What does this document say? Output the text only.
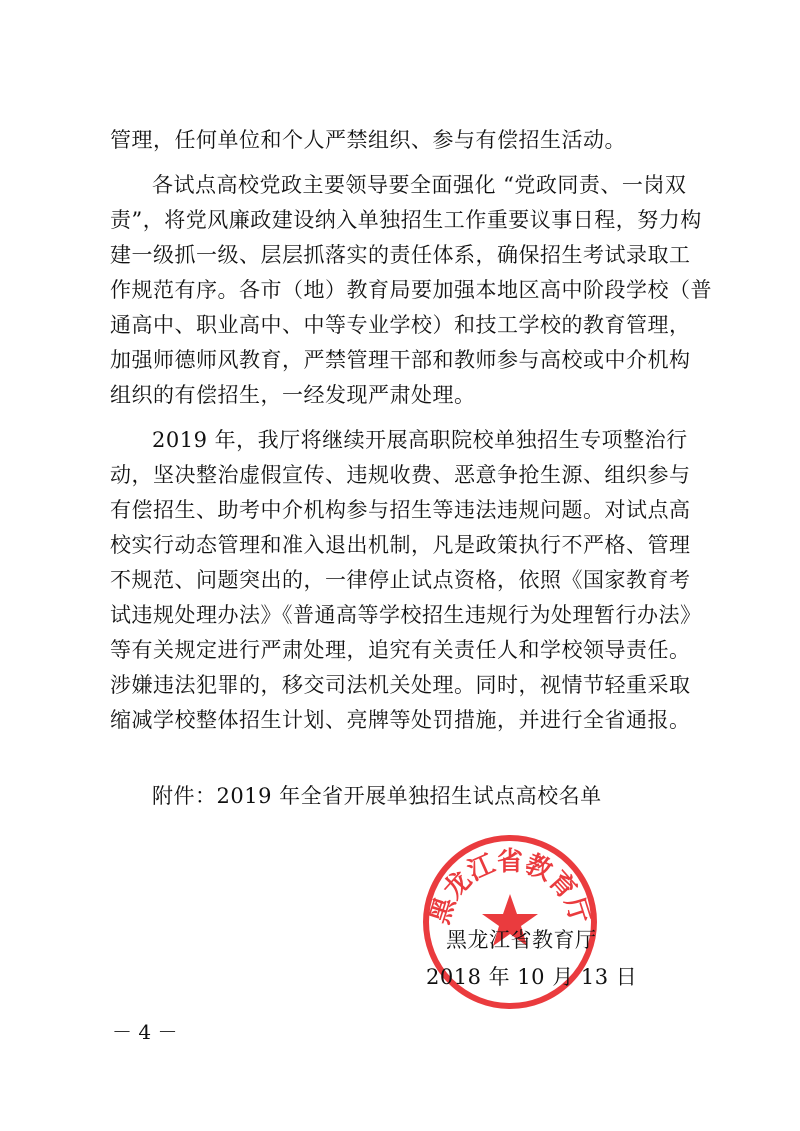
管理，任何单位和个人严禁组织、参与有偿招生活动。
各试点高校党政主要领导要全面强化 “党政同责、一岗双
责”，将党风廉政建设纳入单独招生工作重要议事日程，努力构
建一级抓一级、层层抓落实的责任体系，确保招生考试录取工
作规范有序。各市（地）教育局要加强本地区高中阶段学校（普
通高中、职业高中、中等专业学校）和技工学校的教育管理，
加强师德师风教育，严禁管理干部和教师参与高校或中介机构
组织的有偿招生，一经发现严肃处理。
2019 年，我厅将继续开展高职院校单独招生专项整治行
动，坚决整治虚假宣传、违规收费、恶意争抢生源、组织参与
有偿招生、助考中介机构参与招生等违法违规问题。对试点高
校实行动态管理和准入退出机制，凡是政策执行不严格、管理
不规范、问题突出的，一律停止试点资格，依照《国家教育考
试违规处理办法》《普通高等学校招生违规行为处理暂行办法》
等有关规定进行严肃处理，追究有关责任人和学校领导责任。
涉嫌违法犯罪的，移交司法机关处理。同时，视情节轻重采取
缩减学校整体招生计划、亮牌等处罚措施，并进行全省通报。
附件：2019 年全省开展单独招生试点高校名单
黑龙江省教育厅
黑龙江省教育厅
2018 年 10 月 13 日
－ 4 －
